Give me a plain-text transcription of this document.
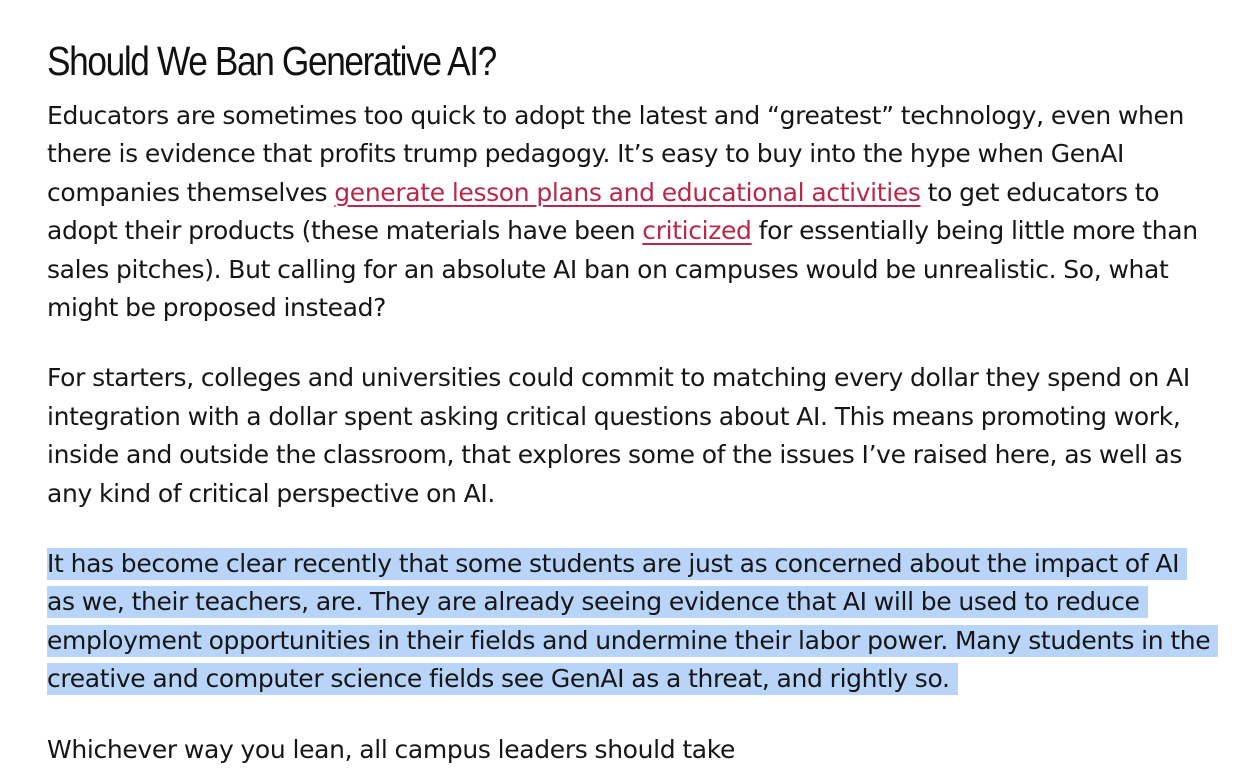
Should We Ban Generative AI?

Educators are sometimes too quick to adopt the latest and “greatest” technology, even when there is evidence that profits trump pedagogy. It’s easy to buy into the hype when GenAI companies themselves generate lesson plans and educational activities to get educators to adopt their products (these materials have been criticized for essentially being little more than sales pitches). But calling for an absolute AI ban on campuses would be unrealistic. So, what might be proposed instead?

For starters, colleges and universities could commit to matching every dollar they spend on AI integration with a dollar spent asking critical questions about AI. This means promoting work, inside and outside the classroom, that explores some of the issues I’ve raised here, as well as any kind of critical perspective on AI.

It has become clear recently that some students are just as concerned about the impact of AI as we, their teachers, are. They are already seeing evidence that AI will be used to reduce employment opportunities in their fields and undermine their labor power. Many students in the creative and computer science fields see GenAI as a threat, and rightly so.

Whichever way you lean, all campus leaders should take
